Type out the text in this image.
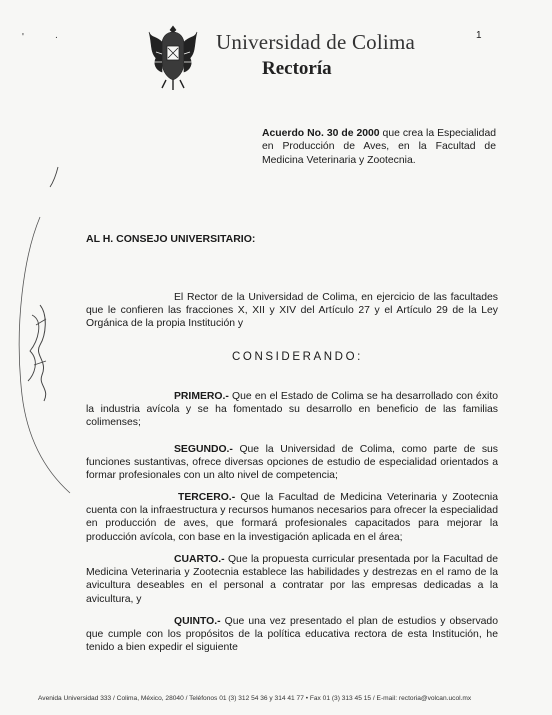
' ·	Universidad de Colima
Rectoría
1
Acuerdo No. 30 de 2000 que crea la Especialidad en Producción de Aves, en la Facultad de Medicina Veterinaria y Zootecnia.
AL H. CONSEJO UNIVERSITARIO:
El Rector de la Universidad de Colima, en ejercicio de las facultades que le confieren las fracciones X, XII y XIV del Artículo 27 y el Artículo 29 de la Ley Orgánica de la propia Institución y
CONSIDERANDO:
PRIMERO.- Que en el Estado de Colima se ha desarrollado con éxito la industria avícola y se ha fomentado su desarrollo en beneficio de las familias colimenses;
SEGUNDO.- Que la Universidad de Colima, como parte de sus funciones sustantivas, ofrece diversas opciones de estudio de especialidad orientados a formar profesionales con un alto nivel de competencia;
TERCERO.- Que la Facultad de Medicina Veterinaria y Zootecnia cuenta con la infraestructura y recursos humanos necesarios para ofrecer la especialidad en producción de aves, que formará profesionales capacitados para mejorar la producción avícola, con base en la investigación aplicada en el área;
CUARTO.- Que la propuesta curricular presentada por la Facultad de Medicina Veterinaria y Zootecnia establece las habilidades y destrezas en el ramo de la avicultura deseables en el personal a contratar por las empresas dedicadas a la avicultura, y
QUINTO.- Que una vez presentado el plan de estudios y observado que cumple con los propósitos de la política educativa rectora de esta Institución, he tenido a bien expedir el siguiente
Avenida Universidad 333 / Colima, México, 28040 / Teléfonos 01 (3) 312 54 36 y 314 41 77 • Fax 01 (3) 313 45 15 / E-mail: rectoria@volcan.ucol.mx
